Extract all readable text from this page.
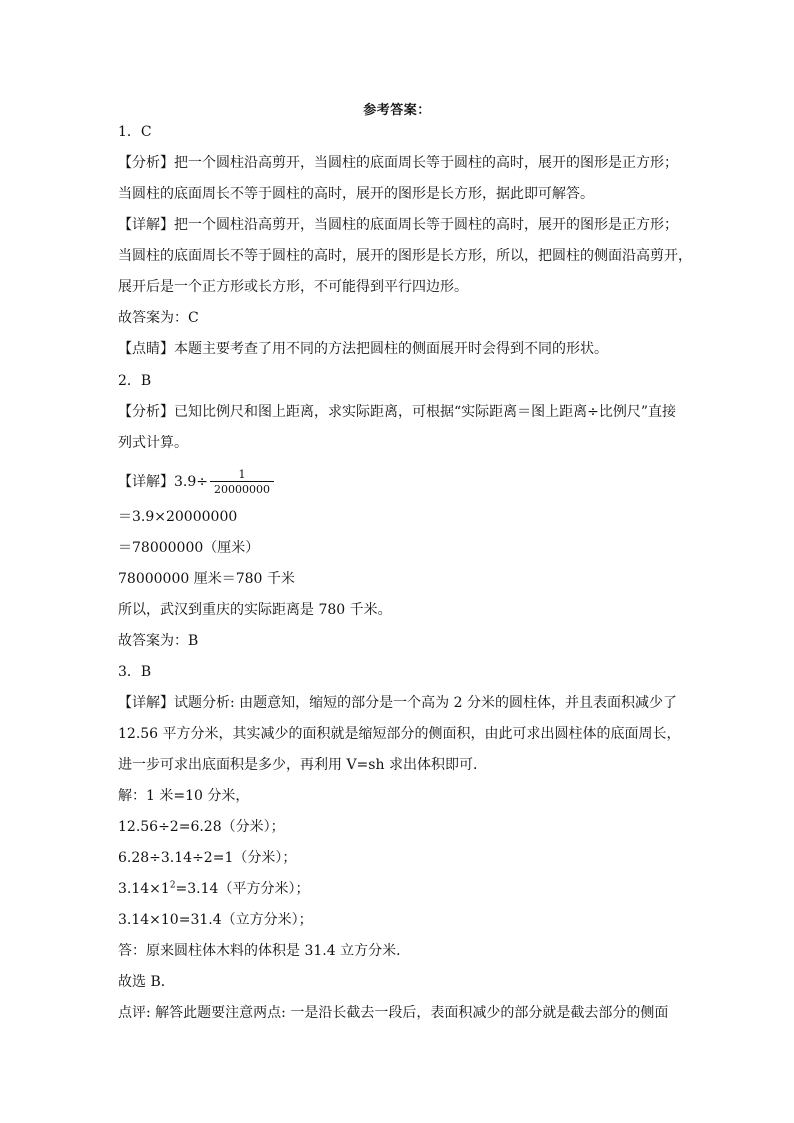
参考答案：
1．C
【分析】把一个圆柱沿高剪开，当圆柱的底面周长等于圆柱的高时，展开的图形是正方形；
当圆柱的底面周长不等于圆柱的高时，展开的图形是长方形，据此即可解答。
【详解】把一个圆柱沿高剪开，当圆柱的底面周长等于圆柱的高时，展开的图形是正方形；
当圆柱的底面周长不等于圆柱的高时，展开的图形是长方形，所以，把圆柱的侧面沿高剪开，
展开后是一个正方形或长方形，不可能得到平行四边形。
故答案为：C
【点睛】本题主要考查了用不同的方法把圆柱的侧面展开时会得到不同的形状。
2．B
【分析】已知比例尺和图上距离，求实际距离，可根据“实际距离＝图上距离÷比例尺”直接
列式计算。
【详解】$3.9\div \frac{1}{20000000}$
＝3.9×20000000
＝78000000（厘米）
78000000 厘米＝780 千米
所以，武汉到重庆的实际距离是 780 千米。
故答案为：B
3．B
【详解】试题分析: 由题意知，缩短的部分是一个高为 2 分米的圆柱体，并且表面积减少了
12.56 平方分米，其实减少的面积就是缩短部分的侧面积，由此可求出圆柱体的底面周长，
进一步可求出底面积是多少，再利用 V=sh 求出体积即可．
解：1 米=10 分米，
12.56÷2=6.28（分米）；
6.28÷3.14÷2=1（分米）；
$3.14\times 1^2=3.14$（平方分米）；
3.14×10=31.4（立方分米）；
答：原来圆柱体木料的体积是 31.4 立方分米．
故选 B．
点评: 解答此题要注意两点: 一是沿长截去一段后，表面积减少的部分就是截去部分的侧面
